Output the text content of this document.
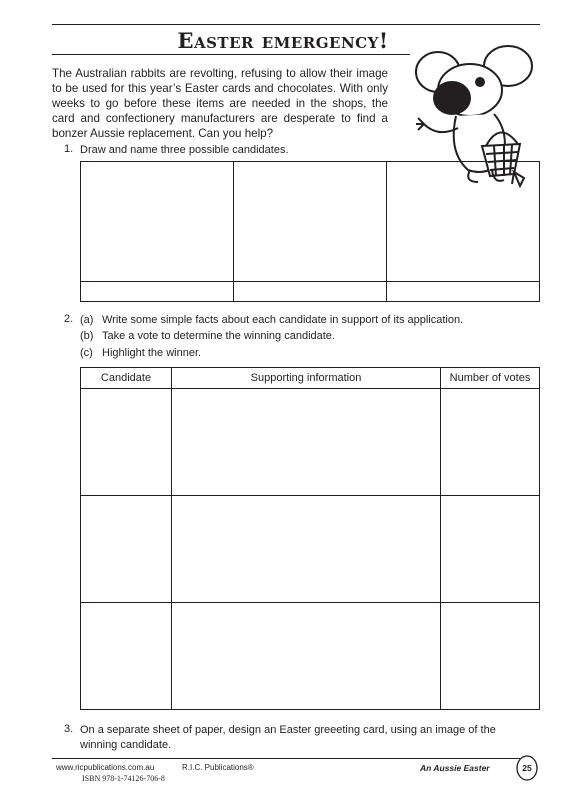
Easter emergency!
The Australian rabbits are revolting, refusing to allow their image to be used for this year’s Easter cards and chocolates. With only weeks to go before these items are needed in the shops, the card and confectionery manufacturers are desperate to find a bonzer Aussie replacement. Can you help?
1. Draw and name three possible candidates.

2. (a) Write some simple facts about each candidate in support of its application.
(b) Take a vote to determine the winning candidate.
(c) Highlight the winner.
Candidate	Supporting information	Number of votes

3. On a separate sheet of paper, design an Easter greeeting card, using an image of the winning candidate.
www.ricpublications.com.au	R.I.C. Publications®
ISBN 978-1-74126-706-8
An Aussie Easter	25
